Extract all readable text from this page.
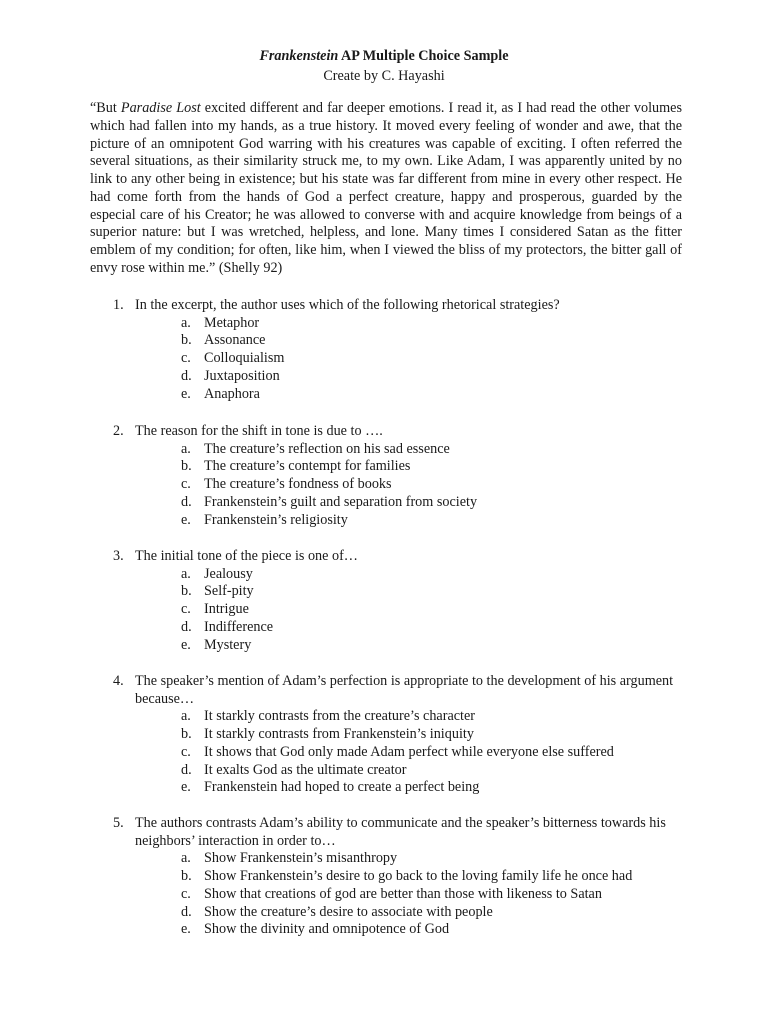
Frankenstein AP Multiple Choice Sample
Create by C. Hayashi
“But Paradise Lost excited different and far deeper emotions. I read it, as I had read the other volumes which had fallen into my hands, as a true history. It moved every feeling of wonder and awe, that the picture of an omnipotent God warring with his creatures was capable of exciting. I often referred the several situations, as their similarity struck me, to my own. Like Adam, I was apparently united by no link to any other being in existence; but his state was far different from mine in every other respect. He had come forth from the hands of God a perfect creature, happy and prosperous, guarded by the especial care of his Creator; he was allowed to converse with and acquire knowledge from beings of a superior nature: but I was wretched, helpless, and lone. Many times I considered Satan as the fitter emblem of my condition; for often, like him, when I viewed the bliss of my protectors, the bitter gall of envy rose within me.” (Shelly 92)
1. In the excerpt, the author uses which of the following rhetorical strategies?
a. Metaphor
b. Assonance
c. Colloquialism
d. Juxtaposition
e. Anaphora
2. The reason for the shift in tone is due to ….
a. The creature’s reflection on his sad essence
b. The creature’s contempt for families
c. The creature’s fondness of books
d. Frankenstein’s guilt and separation from society
e. Frankenstein’s religiosity
3. The initial tone of the piece is one of…
a. Jealousy
b. Self-pity
c. Intrigue
d. Indifference
e. Mystery
4. The speaker’s mention of Adam’s perfection is appropriate to the development of his argument because…
a. It starkly contrasts from the creature’s character
b. It starkly contrasts from Frankenstein’s iniquity
c. It shows that God only made Adam perfect while everyone else suffered
d. It exalts God as the ultimate creator
e. Frankenstein had hoped to create a perfect being
5. The authors contrasts Adam’s ability to communicate and the speaker’s bitterness towards his neighbors’ interaction in order to…
a. Show Frankenstein’s misanthropy
b. Show Frankenstein’s desire to go back to the loving family life he once had
c. Show that creations of god are better than those with likeness to Satan
d. Show the creature’s desire to associate with people
e. Show the divinity and omnipotence of God
